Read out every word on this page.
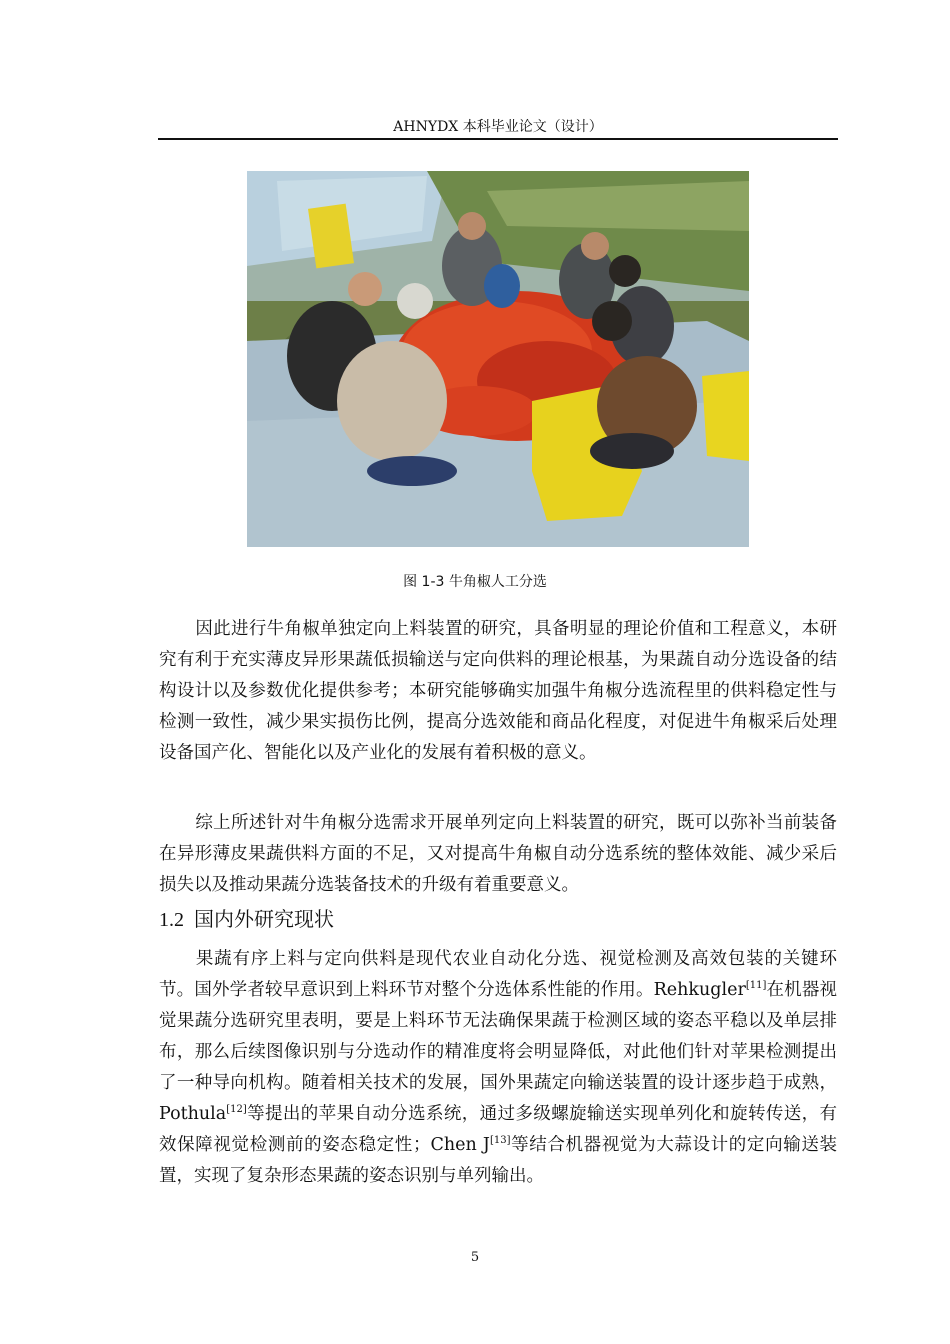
AHNYDX 本科毕业论文（设计）
图 1-3 牛角椒人工分选

因此进行牛角椒单独定向上料装置的研究，具备明显的理论价值和工程意义，本研究有利于充实薄皮异形果蔬低损输送与定向供料的理论根基，为果蔬自动分选设备的结构设计以及参数优化提供参考；本研究能够确实加强牛角椒分选流程里的供料稳定性与检测一致性，减少果实损伤比例，提高分选效能和商品化程度，对促进牛角椒采后处理设备国产化、智能化以及产业化的发展有着积极的意义。

综上所述针对牛角椒分选需求开展单列定向上料装置的研究，既可以弥补当前装备在异形薄皮果蔬供料方面的不足，又对提高牛角椒自动分选系统的整体效能、减少采后损失以及推动果蔬分选装备技术的升级有着重要意义。

1.2 国内外研究现状

果蔬有序上料与定向供料是现代农业自动化分选、视觉检测及高效包装的关键环节。国外学者较早意识到上料环节对整个分选体系性能的作用。Rehkugler[11]在机器视觉果蔬分选研究里表明，要是上料环节无法确保果蔬于检测区域的姿态平稳以及单层排布，那么后续图像识别与分选动作的精准度将会明显降低，对此他们针对苹果检测提出了一种导向机构。随着相关技术的发展，国外果蔬定向输送装置的设计逐步趋于成熟，Pothula[12]等提出的苹果自动分选系统，通过多级螺旋输送实现单列化和旋转传送，有效保障视觉检测前的姿态稳定性；Chen J[13]等结合机器视觉为大蒜设计的定向输送装置，实现了复杂形态果蔬的姿态识别与单列输出。

5
